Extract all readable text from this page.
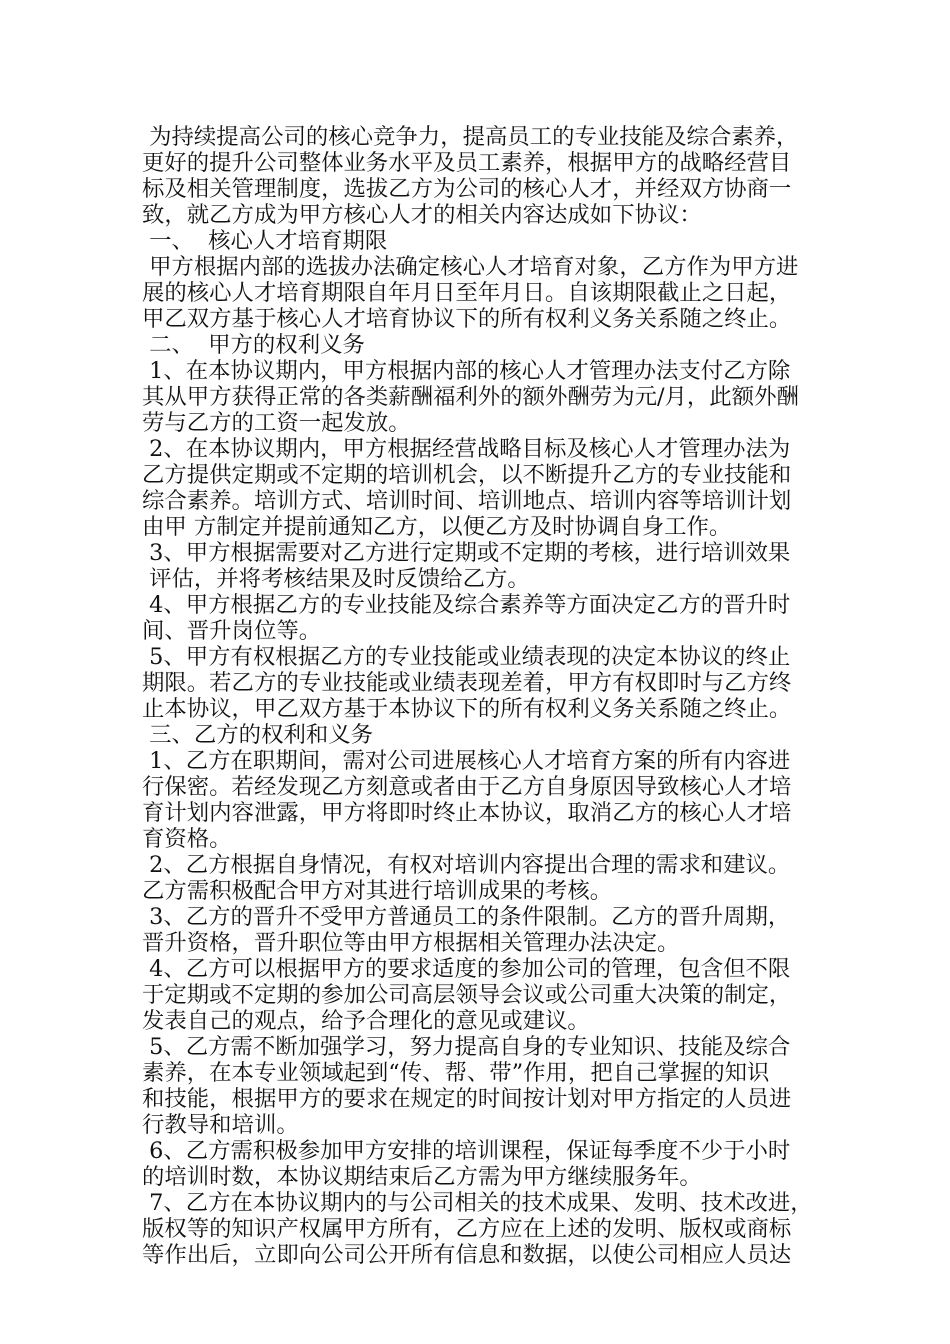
为持续提高公司的核心竞争力，提高员工的专业技能及综合素养，
更好的提升公司整体业务水平及员工素养，根据甲方的战略经营目
标及相关管理制度，选拔乙方为公司的核心人才，并经双方协商一
致，就乙方成为甲方核心人才的相关内容达成如下协议：
一、  核心人才培育期限
甲方根据内部的选拔办法确定核心人才培育对象，乙方作为甲方进
展的核心人才培育期限自年月日至年月日。自该期限截止之日起，
甲乙双方基于核心人才培育协议下的所有权利义务关系随之终止。
二、  甲方的权利义务
1、在本协议期内，甲方根据内部的核心人才管理办法支付乙方除
其从甲方获得正常的各类薪酬福利外的额外酬劳为元/月，此额外酬
劳与乙方的工资一起发放。
2、在本协议期内，甲方根据经营战略目标及核心人才管理办法为
乙方提供定期或不定期的培训机会，以不断提升乙方的专业技能和
综合素养。培训方式、培训时间、培训地点、培训内容等培训计划
由甲 方制定并提前通知乙方，以便乙方及时协调自身工作。
3、甲方根据需要对乙方进行定期或不定期的考核，进行培训效果
评估，并将考核结果及时反馈给乙方。
4、甲方根据乙方的专业技能及综合素养等方面决定乙方的晋升时
间、晋升岗位等。
5、甲方有权根据乙方的专业技能或业绩表现的决定本协议的终止
期限。若乙方的专业技能或业绩表现差着，甲方有权即时与乙方终
止本协议，甲乙双方基于本协议下的所有权利义务关系随之终止。
三、乙方的权利和义务
1、乙方在职期间，需对公司进展核心人才培育方案的所有内容进
行保密。若经发现乙方刻意或者由于乙方自身原因导致核心人才培
育计划内容泄露，甲方将即时终止本协议，取消乙方的核心人才培
育资格。
2、乙方根据自身情况，有权对培训内容提出合理的需求和建议。
乙方需积极配合甲方对其进行培训成果的考核。
3、乙方的晋升不受甲方普通员工的条件限制。乙方的晋升周期，
晋升资格，晋升职位等由甲方根据相关管理办法决定。
4、乙方可以根据甲方的要求适度的参加公司的管理，包含但不限
于定期或不定期的参加公司高层领导会议或公司重大决策的制定，
发表自己的观点，给予合理化的意见或建议。
5、乙方需不断加强学习，努力提高自身的专业知识、技能及综合
素养，在本专业领域起到“传、帮、带”作用，把自己掌握的知识
和技能，根据甲方的要求在规定的时间按计划对甲方指定的人员进
行教导和培训。
6、乙方需积极参加甲方安排的培训课程，保证每季度不少于小时
的培训时数，本协议期结束后乙方需为甲方继续服务年。
7、乙方在本协议期内的与公司相关的技术成果、发明、技术改进，
版权等的知识产权属甲方所有，乙方应在上述的发明、版权或商标
等作出后，立即向公司公开所有信息和数据，以使公司相应人员达
